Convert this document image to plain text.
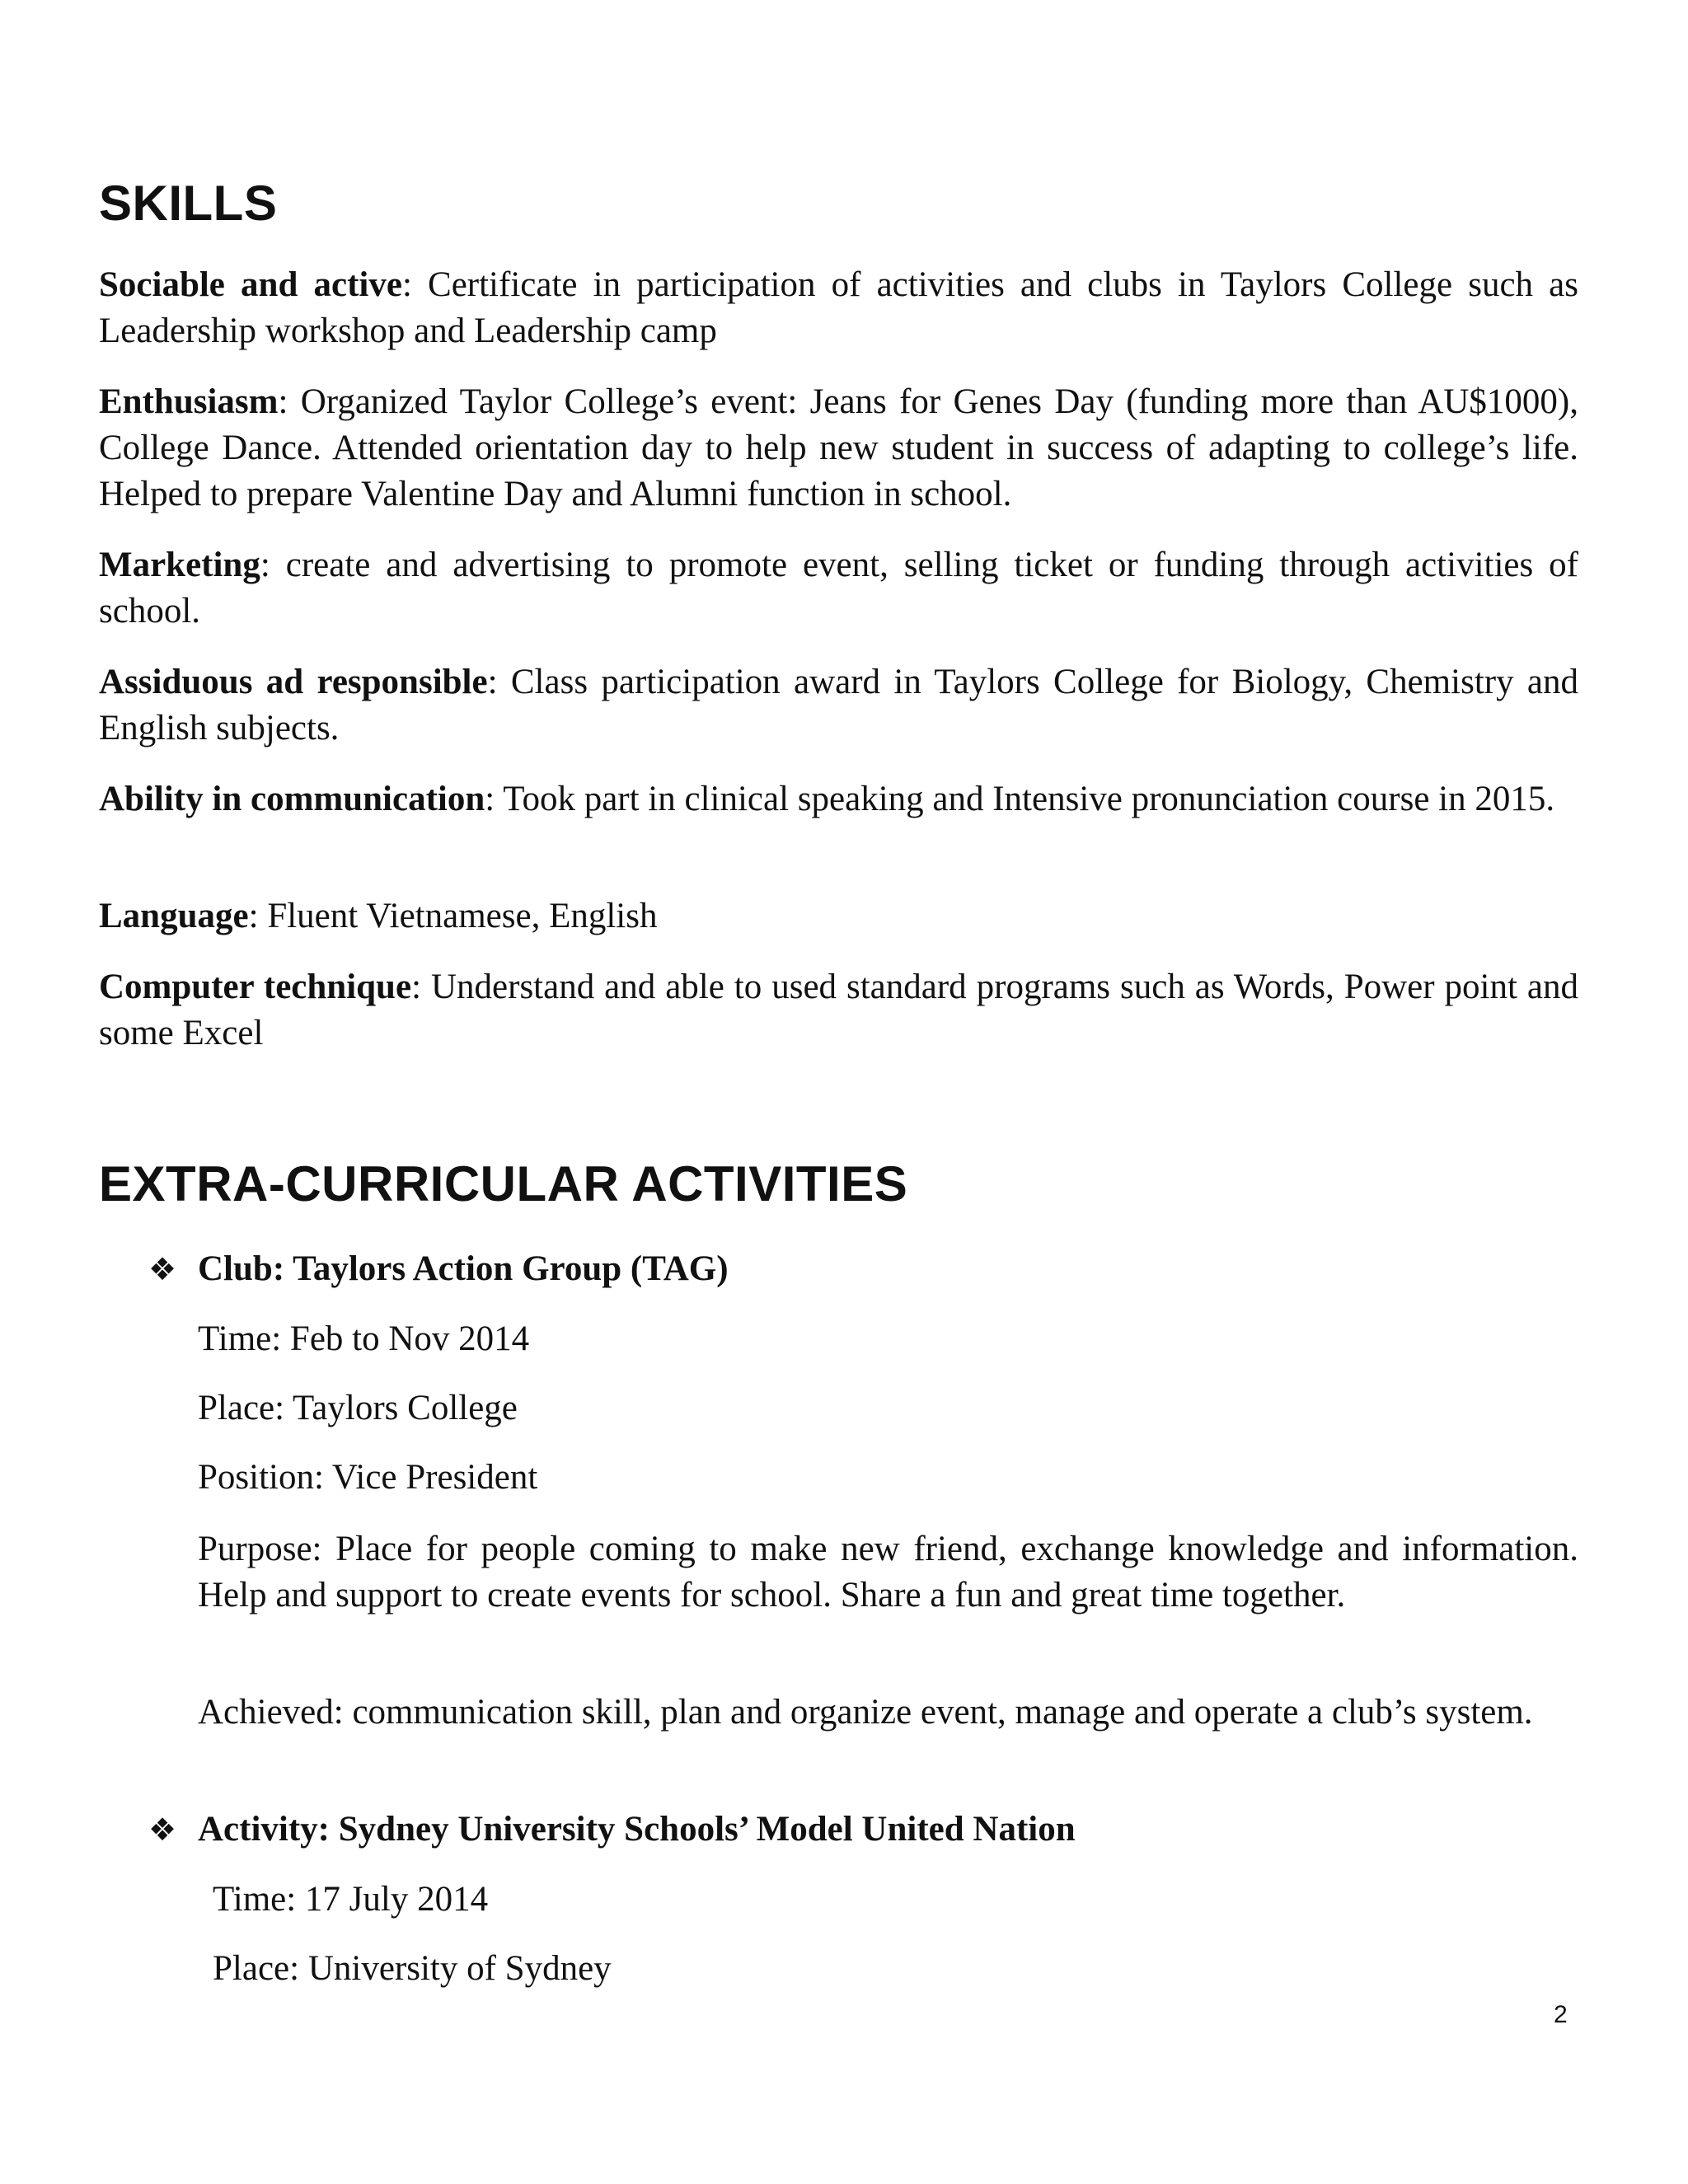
SKILLS

Sociable and active: Certificate in participation of activities and clubs in Taylors College such as Leadership workshop and Leadership camp

Enthusiasm: Organized Taylor College’s event: Jeans for Genes Day (funding more than AU$1000), College Dance. Attended orientation day to help new student in success of adapting to college’s life. Helped to prepare Valentine Day and Alumni function in school.

Marketing: create and advertising to promote event, selling ticket or funding through activities of school.

Assiduous ad responsible: Class participation award in Taylors College for Biology, Chemistry and English subjects.

Ability in communication: Took part in clinical speaking and Intensive pronunciation course in 2015.

Language: Fluent Vietnamese, English

Computer technique: Understand and able to used standard programs such as Words, Power point and some Excel

EXTRA-CURRICULAR ACTIVITIES

❖ Club: Taylors Action Group (TAG)

Time: Feb to Nov 2014

Place: Taylors College

Position: Vice President

Purpose: Place for people coming to make new friend, exchange knowledge and information. Help and support to create events for school. Share a fun and great time together.

Achieved: communication skill, plan and organize event, manage and operate a club’s system.

❖ Activity: Sydney University Schools’ Model United Nation

Time: 17 July 2014

Place: University of Sydney

2
